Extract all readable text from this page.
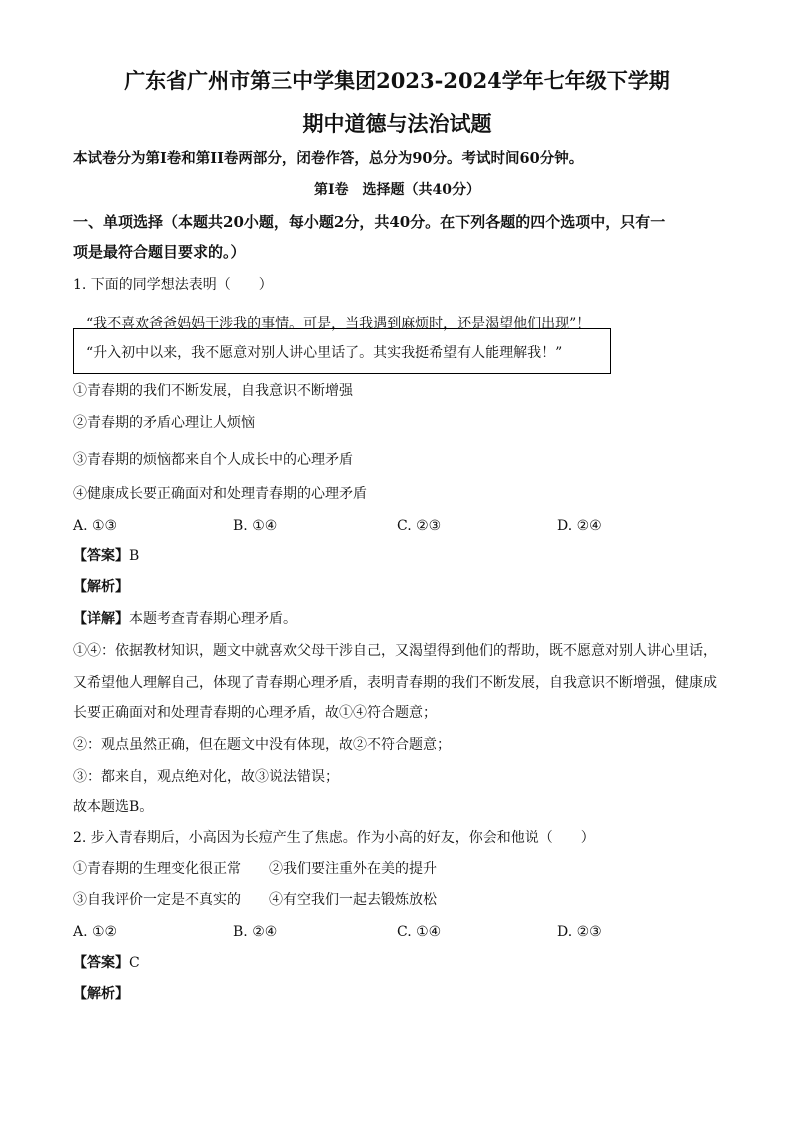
广东省广州市第三中学集团2023-2024学年七年级下学期
期中道德与法治试题
本试卷分为第I卷和第II卷两部分，闭卷作答，总分为90分。考试时间60分钟。
第I卷　选择题（共40分）
一、单项选择（本题共20小题，每小题2分，共40分。在下列各题的四个选项中，只有一
项是最符合题目要求的。）
1. 下面的同学想法表明（　　）
“我不喜欢爸爸妈妈干涉我的事情。可是，当我遇到麻烦时，还是渴望他们出现”！
“升入初中以来，我不愿意对别人讲心里话了。其实我挺希望有人能理解我！”
①青春期的我们不断发展，自我意识不断增强
②青春期的矛盾心理让人烦恼
③青春期的烦恼都来自个人成长中的心理矛盾
④健康成长要正确面对和处理青春期的心理矛盾
A. ①③	B. ①④	C. ②③	D. ②④
【答案】B
【解析】
【详解】本题考查青春期心理矛盾。
①④：依据教材知识，题文中就喜欢父母干涉自己，又渴望得到他们的帮助，既不愿意对别人讲心里话，
又希望他人理解自己，体现了青春期心理矛盾，表明青春期的我们不断发展，自我意识不断增强，健康成
长要正确面对和处理青春期的心理矛盾，故①④符合题意；
②：观点虽然正确，但在题文中没有体现，故②不符合题意；
③：都来自，观点绝对化，故③说法错误；
故本题选B。
2. 步入青春期后，小高因为长痘产生了焦虑。作为小高的好友，你会和他说（　　）
①青春期的生理变化很正常　　②我们要注重外在美的提升
③自我评价一定是不真实的　　④有空我们一起去锻炼放松
A. ①②	B. ②④	C. ①④	D. ②③
【答案】C
【解析】
